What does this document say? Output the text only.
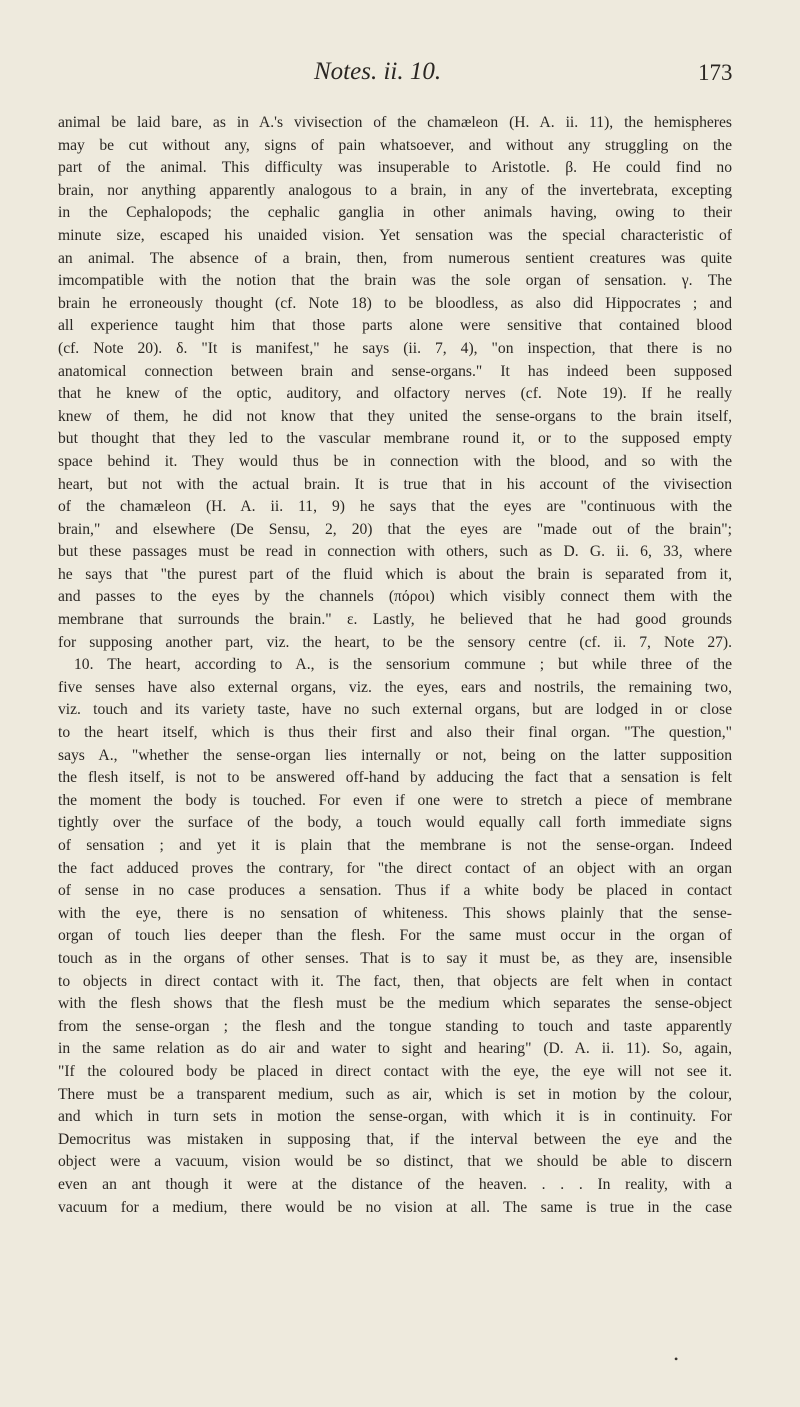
Notes. ii. 10.	173
animal be laid bare, as in A.'s vivisection of the chamæleon (H. A. ii. 11), the hemispheres
may be cut without any, signs of pain whatsoever, and without any struggling on the
part of the animal. This difficulty was insuperable to Aristotle. β. He could find no
brain, nor anything apparently analogous to a brain, in any of the invertebrata, excepting
in the Cephalopods; the cephalic ganglia in other animals having, owing to their
minute size, escaped his unaided vision. Yet sensation was the special characteristic of
an animal. The absence of a brain, then, from numerous sentient creatures was quite
imcompatible with the notion that the brain was the sole organ of sensation. γ. The
brain he erroneously thought (cf. Note 18) to be bloodless, as also did Hippocrates ; and
all experience taught him that those parts alone were sensitive that contained blood
(cf. Note 20). δ. "It is manifest," he says (ii. 7, 4), "on inspection, that there is no
anatomical connection between brain and sense-organs." It has indeed been supposed
that he knew of the optic, auditory, and olfactory nerves (cf. Note 19). If he really
knew of them, he did not know that they united the sense-organs to the brain itself,
but thought that they led to the vascular membrane round it, or to the supposed empty
space behind it. They would thus be in connection with the blood, and so with the
heart, but not with the actual brain. It is true that in his account of the vivisection
of the chamæleon (H. A. ii. 11, 9) he says that the eyes are "continuous with the
brain," and elsewhere (De Sensu, 2, 20) that the eyes are "made out of the brain";
but these passages must be read in connection with others, such as D. G. ii. 6, 33, where
he says that "the purest part of the fluid which is about the brain is separated from it,
and passes to the eyes by the channels (πόροι) which visibly connect them with the
membrane that surrounds the brain." ε. Lastly, he believed that he had good grounds
for supposing another part, viz. the heart, to be the sensory centre (cf. ii. 7, Note 27).
10. The heart, according to A., is the sensorium commune ; but while three of the
five senses have also external organs, viz. the eyes, ears and nostrils, the remaining two,
viz. touch and its variety taste, have no such external organs, but are lodged in or close
to the heart itself, which is thus their first and also their final organ. "The question,"
says A., "whether the sense-organ lies internally or not, being on the latter supposition
the flesh itself, is not to be answered off-hand by adducing the fact that a sensation is felt
the moment the body is touched. For even if one were to stretch a piece of membrane
tightly over the surface of the body, a touch would equally call forth immediate signs
of sensation ; and yet it is plain that the membrane is not the sense-organ. Indeed
the fact adduced proves the contrary, for "the direct contact of an object with an organ
of sense in no case produces a sensation. Thus if a white body be placed in contact
with the eye, there is no sensation of whiteness. This shows plainly that the sense-
organ of touch lies deeper than the flesh. For the same must occur in the organ of
touch as in the organs of other senses. That is to say it must be, as they are, insensible
to objects in direct contact with it. The fact, then, that objects are felt when in contact
with the flesh shows that the flesh must be the medium which separates the sense-object
from the sense-organ ; the flesh and the tongue standing to touch and taste apparently
in the same relation as do air and water to sight and hearing" (D. A. ii. 11). So, again,
"If the coloured body be placed in direct contact with the eye, the eye will not see it.
There must be a transparent medium, such as air, which is set in motion by the colour,
and which in turn sets in motion the sense-organ, with which it is in continuity. For
Democritus was mistaken in supposing that, if the interval between the eye and the
object were a vacuum, vision would be so distinct, that we should be able to discern
even an ant though it were at the distance of the heaven. . . . In reality, with a
vacuum for a medium, there would be no vision at all. The same is true in the case
•
